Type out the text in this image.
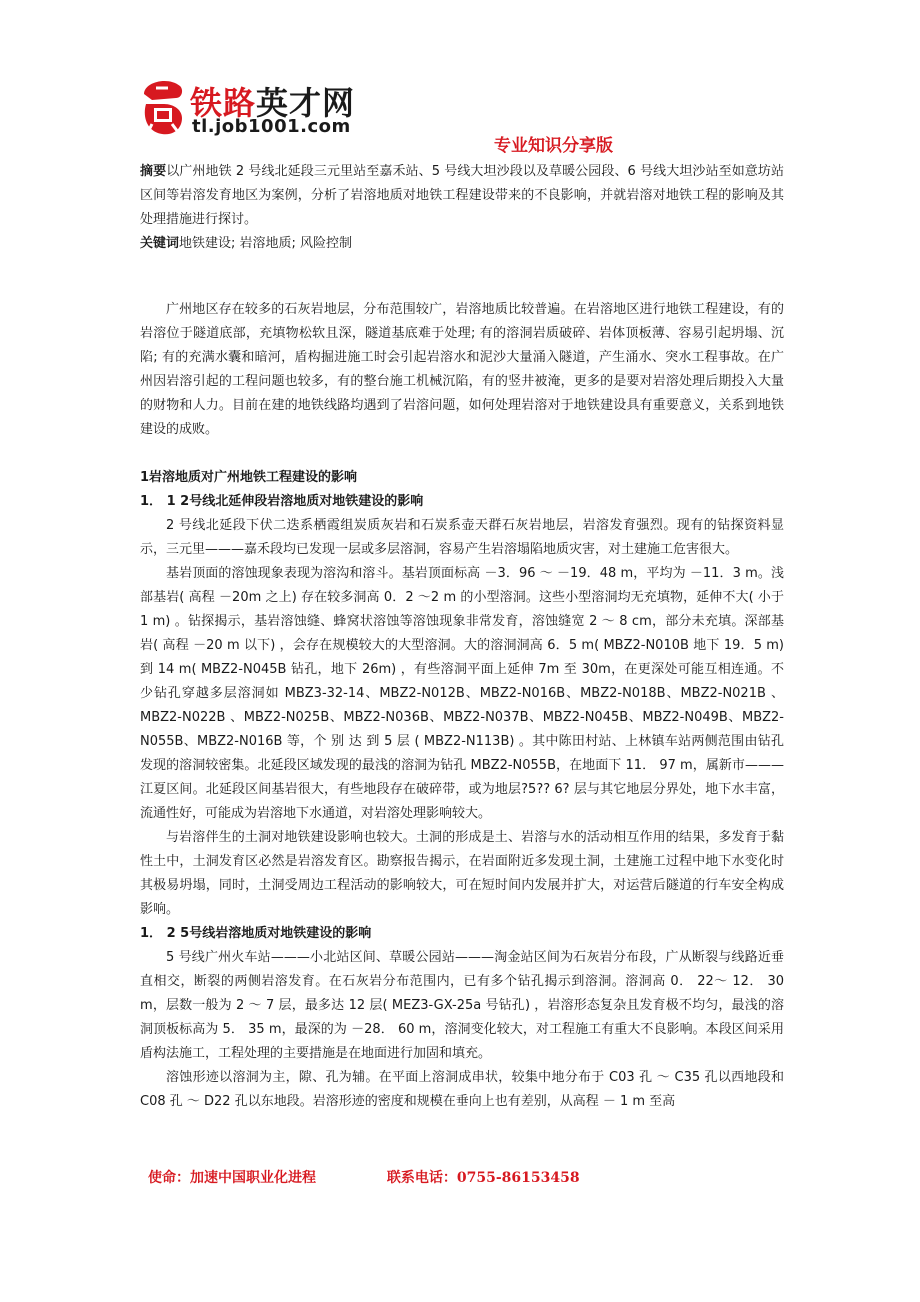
铁路英才网
tl.job1001.com
专业知识分享版

摘要以广州地铁 2 号线北延段三元里站至嘉禾站、5 号线大坦沙段以及草暖公园段、6 号线大坦沙站至如意坊站区间等岩溶发育地区为案例，分析了岩溶地质对地铁工程建设带来的不良影响，并就岩溶对地铁工程的影响及其处理措施进行探讨。

关键词地铁建设; 岩溶地质; 风险控制

广州地区存在较多的石灰岩地层，分布范围较广，岩溶地质比较普遍。在岩溶地区进行地铁工程建设，有的岩溶位于隧道底部，充填物松软且深，隧道基底难于处理; 有的溶洞岩质破碎、岩体顶板薄、容易引起坍塌、沉陷; 有的充满水囊和暗河，盾构掘进施工时会引起岩溶水和泥沙大量涌入隧道，产生涌水、突水工程事故。在广州因岩溶引起的工程问题也较多，有的整台施工机械沉陷，有的竖井被淹，更多的是要对岩溶处理后期投入大量的财物和人力。目前在建的地铁线路均遇到了岩溶问题，如何处理岩溶对于地铁建设具有重要意义，关系到地铁建设的成败。

1岩溶地质对广州地铁工程建设的影响

1． 1 2号线北延伸段岩溶地质对地铁建设的影响

2 号线北延段下伏二迭系栖霞组炭质灰岩和石炭系壶天群石灰岩地层，岩溶发育强烈。现有的钻探资料显示，三元里———嘉禾段均已发现一层或多层溶洞，容易产生岩溶塌陷地质灾害，对土建施工危害很大。

基岩顶面的溶蚀现象表现为溶沟和溶斗。基岩顶面标高 －3．96 ～ －19．48 m，平均为 －11．3 m。浅部基岩( 高程 －20m 之上) 存在较多洞高 0．2 ～2 m 的小型溶洞。这些小型溶洞均无充填物，延伸不大( 小于 1 m) 。钻探揭示，基岩溶蚀缝、蜂窝状溶蚀等溶蚀现象非常发育，溶蚀缝宽 2 ～ 8 cm，部分未充填。深部基岩( 高程 －20 m 以下) ，会存在规模较大的大型溶洞。大的溶洞洞高 6．5 m( MBZ2-N010B 地下 19．5 m) 到 14 m( MBZ2-N045B 钻孔，地下 26m) ，有些溶洞平面上延伸 7m 至 30m，在更深处可能互相连通。不少钻孔穿越多层溶洞如 MBZ3-32-14、MBZ2-N012B、MBZ2-N016B、MBZ2-N018B、MBZ2-N021B 、MBZ2-N022B 、MBZ2-N025B、MBZ2-N036B、MBZ2-N037B、MBZ2-N045B、MBZ2-N049B、MBZ2-N055B、MBZ2-N016B 等，个 别 达 到 5 层 ( MBZ2-N113B) 。其中陈田村站、上林镇车站两侧范围由钻孔发现的溶洞较密集。北延段区域发现的最浅的溶洞为钻孔 MBZ2-N055B，在地面下 11． 97 m，属新市———江夏区间。北延段区间基岩很大，有些地段存在破碎带，或为地层?5?? 6? 层与其它地层分界处，地下水丰富，流通性好，可能成为岩溶地下水通道，对岩溶处理影响较大。

与岩溶伴生的土洞对地铁建设影响也较大。土洞的形成是土、岩溶与水的活动相互作用的结果，多发育于黏性土中，土洞发育区必然是岩溶发育区。勘察报告揭示，在岩面附近多发现土洞，土建施工过程中地下水变化时其极易坍塌，同时，土洞受周边工程活动的影响较大，可在短时间内发展并扩大，对运营后隧道的行车安全构成影响。

1． 2 5号线岩溶地质对地铁建设的影响

5 号线广州火车站———小北站区间、草暖公园站———淘金站区间为石灰岩分布段，广从断裂与线路近垂直相交，断裂的两侧岩溶发育。在石灰岩分布范围内，已有多个钻孔揭示到溶洞。溶洞高 0． 22～ 12． 30 m，层数一般为 2 ～ 7 层，最多达 12 层( MEZ3-GX-25a 号钻孔) ，岩溶形态复杂且发育极不均匀，最浅的溶洞顶板标高为 5． 35 m，最深的为 －28． 60 m，溶洞变化较大，对工程施工有重大不良影响。本段区间采用盾构法施工，工程处理的主要措施是在地面进行加固和填充。

溶蚀形迹以溶洞为主，隙、孔为辅。在平面上溶洞成串状，较集中地分布于 C03 孔 ～ C35 孔以西地段和 C08 孔 ～ D22 孔以东地段。岩溶形迹的密度和规模在垂向上也有差别，从高程 － 1 m 至高

使命：加速中国职业化进程	联系电话：0755-86153458
